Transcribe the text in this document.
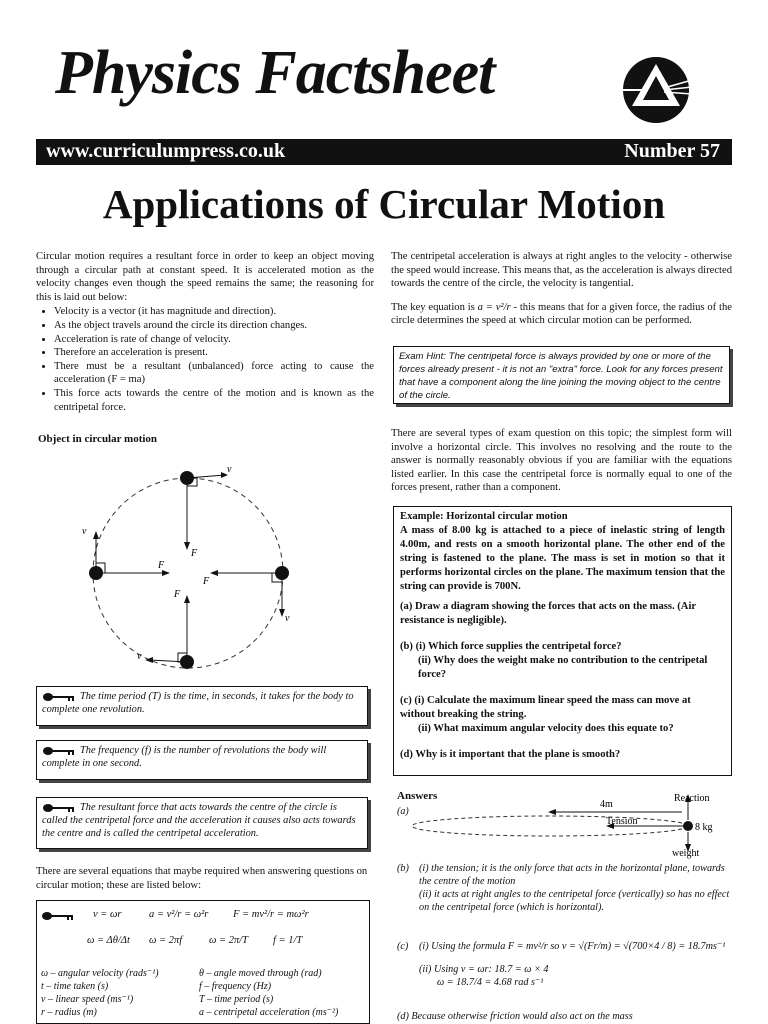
Physics Factsheet
www.curriculumpress.co.uk	Number 57
Applications of Circular Motion

Circular motion requires a resultant force in order to keep an object moving through a circular path at constant speed. It is accelerated motion as the velocity changes even though the speed remains the same; the reasoning for this is laid out below:

• Velocity is a vector (it has magnitude and direction).
• As the object travels around the circle its direction changes.
• Acceleration is rate of change of velocity.
• Therefore an acceleration is present.
• There must be a resultant (unbalanced) force acting to cause the acceleration (F = ma)
• This force acts towards the centre of the motion and is known as the centripetal force.
Object in circular motion
v
F
v
F
v
F
v
F
The time period (T) is the time, in seconds, it takes for the body to complete one revolution.
The frequency (f) is the number of revolutions the body will complete in one second.
The resultant force that acts towards the centre of the circle is called the centripetal force and the acceleration it causes also acts towards the centre and is called the centripetal acceleration.
There are several equations that maybe required when answering questions on circular motion; these are listed below:
v = ωr	a = v²/r = ω²r F = mv²/r = mω²r
ω = Δθ/Δt ω = 2πf	ω = 2π/T f = 1/T
ω – angular velocity (rads⁻¹)	θ – angle moved through (rad)
t – time taken (s)	f – frequency (Hz)
v – linear speed (ms⁻¹)	T – time period (s)
r – radius (m)	a – centripetal acceleration (ms⁻²)

The centripetal acceleration is always at right angles to the velocity - otherwise the speed would increase. This means that, as the acceleration is always directed towards the centre of the circle, the velocity is tangential.

The key equation is a = v²/r - this means that for a given force, the radius of the circle determines the speed at which circular motion can be performed.

Exam Hint: The centripetal force is always provided by one or more of the forces already present - it is not an "extra" force. Look for any forces present that have a component along the line joining the moving object to the centre of the circle.

There are several types of exam question on this topic; the simplest form will involve a horizontal circle. This involves no resolving and the route to the answer is normally reasonably obvious if you are familiar with the equations listed earlier. In this case the centripetal force is normally equal to one of the forces present, rather than a component.

Example: Horizontal circular motion
A mass of 8.00 kg is attached to a piece of inelastic string of length 4.00m, and rests on a smooth horizontal plane. The other end of the string is fastened to the plane. The mass is set in motion so that it performs horizontal circles on the plane. The maximum tension that the string can provide is 700N.
(a) Draw a diagram showing the forces that acts on the mass. (Air resistance is negligible).
(b) (i) Which force supplies the centripetal force?
(ii) Why does the weight make no contribution to the centripetal force?
(c) (i) Calculate the maximum linear speed the mass can move at without breaking the string.
(ii) What maximum angular velocity does this equate to?
(d) Why is it important that the plane is smooth?
Answers
(a)
Reaction
4m
Tension
8 kg
weight
(b) (i) the tension; it is the only force that acts in the horizontal plane, towards the centre of the motion
(ii) it acts at right angles to the centripetal force (vertically) so has no effect on the centripetal force (which is horizontal).
(c)	(i) Using the formula F = mv²/r so v = √(Fr/m) = √(700×4 / 8) = 18.7ms⁻¹
(ii) Using v = ωr: 18.7 = ω × 4
ω = 18.7/4 = 4.68 rad s⁻¹
(d) Because otherwise friction would also act on the mass
